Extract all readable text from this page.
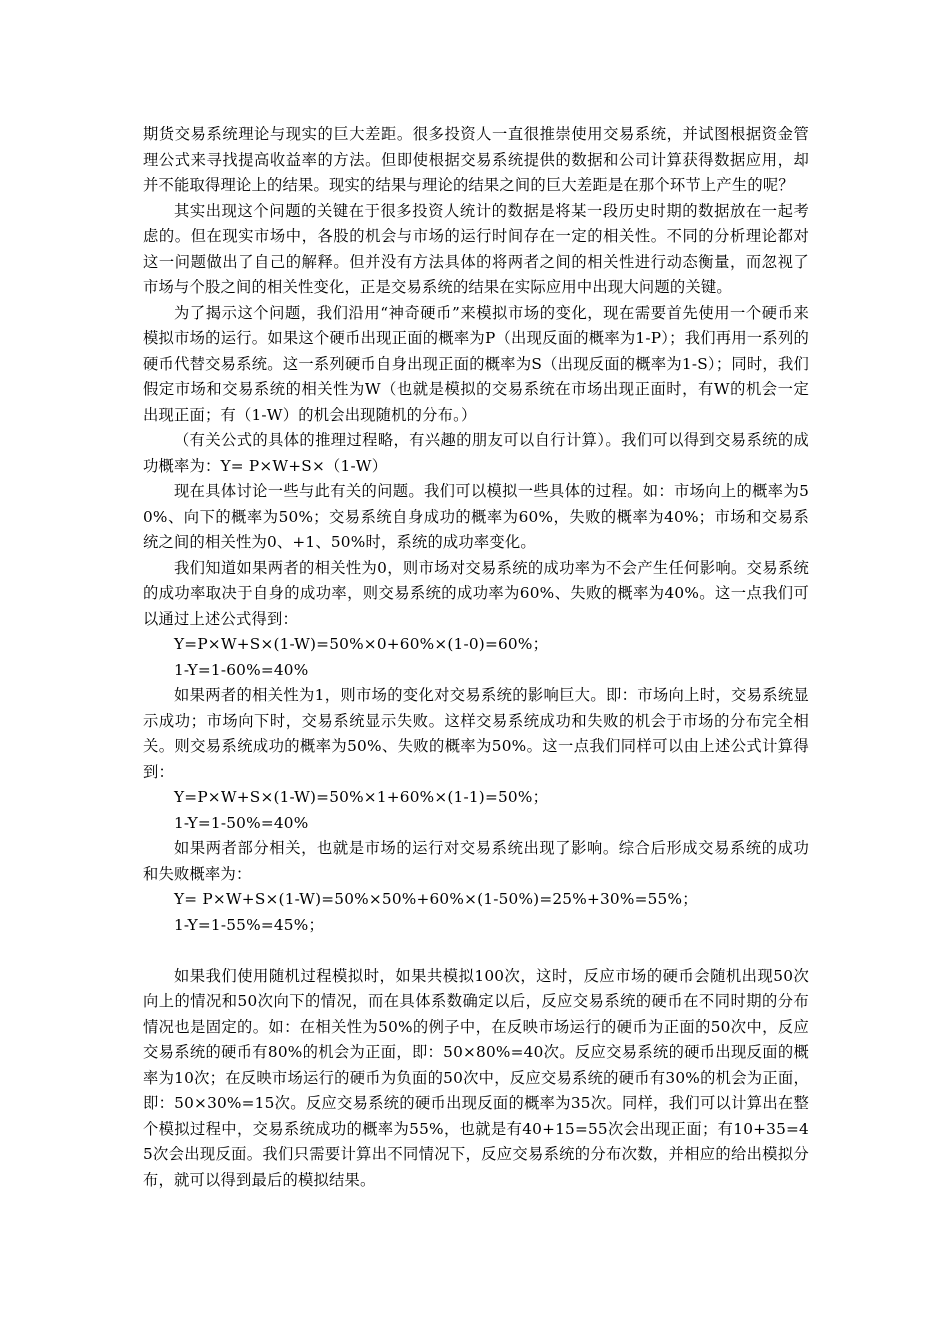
期货交易系统理论与现实的巨大差距。很多投资人一直很推崇使用交易系统，并试图根据资金管理公式来寻找提高收益率的方法。但即使根据交易系统提供的数据和公司计算获得数据应用，却并不能取得理论上的结果。现实的结果与理论的结果之间的巨大差距是在那个环节上产生的呢？

其实出现这个问题的关键在于很多投资人统计的数据是将某一段历史时期的数据放在一起考虑的。但在现实市场中，各股的机会与市场的运行时间存在一定的相关性。不同的分析理论都对这一问题做出了自己的解释。但并没有方法具体的将两者之间的相关性进行动态衡量，而忽视了市场与个股之间的相关性变化，正是交易系统的结果在实际应用中出现大问题的关键。

为了揭示这个问题，我们沿用“神奇硬币”来模拟市场的变化，现在需要首先使用一个硬币来模拟市场的运行。如果这个硬币出现正面的概率为P（出现反面的概率为1-P）；我们再用一系列的硬币代替交易系统。这一系列硬币自身出现正面的概率为S（出现反面的概率为1-S）；同时，我们假定市场和交易系统的相关性为W（也就是模拟的交易系统在市场出现正面时，有W的机会一定出现正面；有（1-W）的机会出现随机的分布。）

（有关公式的具体的推理过程略，有兴趣的朋友可以自行计算）。我们可以得到交易系统的成功概率为：Y= P×W+S×（1-W）

现在具体讨论一些与此有关的问题。我们可以模拟一些具体的过程。如：市场向上的概率为50%、向下的概率为50%；交易系统自身成功的概率为60%，失败的概率为40%；市场和交易系统之间的相关性为0、+1、50%时，系统的成功率变化。

我们知道如果两者的相关性为0，则市场对交易系统的成功率为不会产生任何影响。交易系统的成功率取决于自身的成功率，则交易系统的成功率为60%、失败的概率为40%。这一点我们可以通过上述公式得到：

Y=P×W+S×(1-W)=50%×0+60%×(1-0)=60%；

1-Y=1-60%=40%

如果两者的相关性为1，则市场的变化对交易系统的影响巨大。即：市场向上时，交易系统显示成功；市场向下时，交易系统显示失败。这样交易系统成功和失败的机会于市场的分布完全相关。则交易系统成功的概率为50%、失败的概率为50%。这一点我们同样可以由上述公式计算得到：

Y=P×W+S×(1-W)=50%×1+60%×(1-1)=50%；

1-Y=1-50%=40%

如果两者部分相关，也就是市场的运行对交易系统出现了影响。综合后形成交易系统的成功和失败概率为：

Y= P×W+S×(1-W)=50%×50%+60%×(1-50%)=25%+30%=55%；

1-Y=1-55%=45%；

如果我们使用随机过程模拟时，如果共模拟100次，这时，反应市场的硬币会随机出现50次向上的情况和50次向下的情况，而在具体系数确定以后，反应交易系统的硬币在不同时期的分布情况也是固定的。如：在相关性为50%的例子中，在反映市场运行的硬币为正面的50次中，反应交易系统的硬币有80%的机会为正面，即：50×80%=40次。反应交易系统的硬币出现反面的概率为10次；在反映市场运行的硬币为负面的50次中，反应交易系统的硬币有30%的机会为正面，即：50×30%=15次。反应交易系统的硬币出现反面的概率为35次。同样，我们可以计算出在整个模拟过程中，交易系统成功的概率为55%，也就是有40+15=55次会出现正面；有10+35=45次会出现反面。我们只需要计算出不同情况下，反应交易系统的分布次数，并相应的给出模拟分布，就可以得到最后的模拟结果。
